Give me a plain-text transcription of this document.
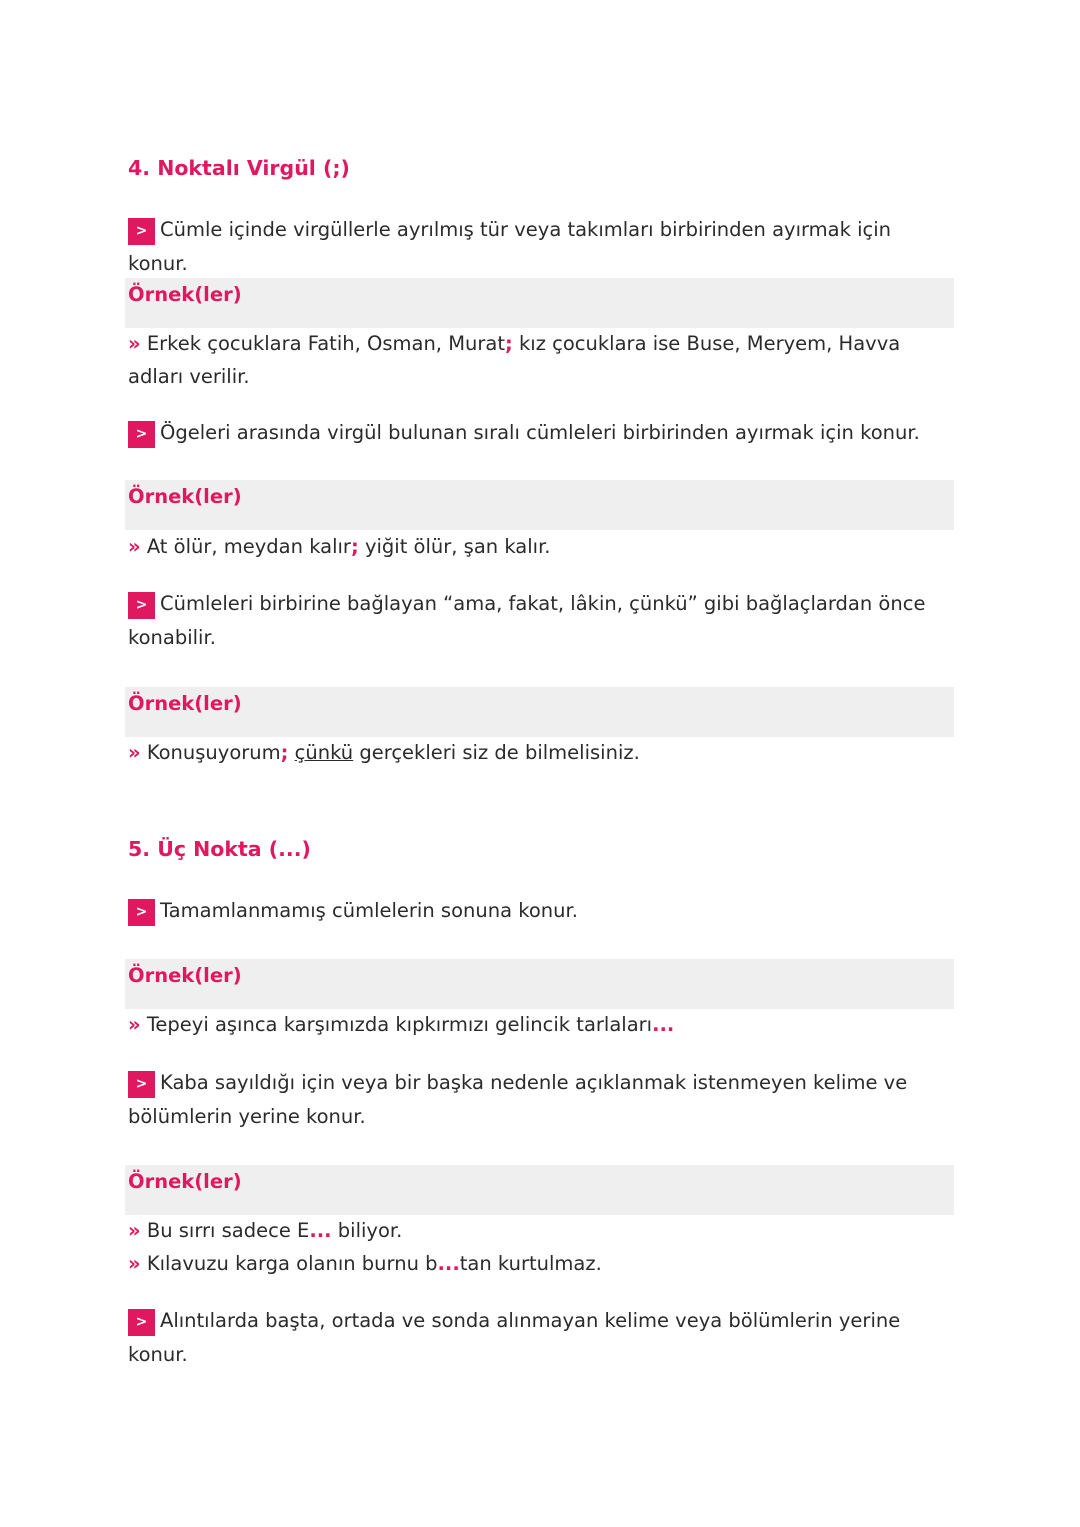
4. Noktalı Virgül (;)
> Cümle içinde virgüllerle ayrılmış tür veya takımları birbirinden ayırmak için konur.
Örnek(ler)
» Erkek çocuklara Fatih, Osman, Murat; kız çocuklara ise Buse, Meryem, Havva adları verilir.
> Ögeleri arasında virgül bulunan sıralı cümleleri birbirinden ayırmak için konur.
Örnek(ler)
» At ölür, meydan kalır; yiğit ölür, şan kalır.
> Cümleleri birbirine bağlayan “ama, fakat, lâkin, çünkü” gibi bağlaçlardan önce konabilir.
Örnek(ler)
» Konuşuyorum; çünkü gerçekleri siz de bilmelisiniz.
5. Üç Nokta (...)
> Tamamlanmamış cümlelerin sonuna konur.
Örnek(ler)
» Tepeyi aşınca karşımızda kıpkırmızı gelincik tarlaları...
> Kaba sayıldığı için veya bir başka nedenle açıklanmak istenmeyen kelime ve bölümlerin yerine konur.
Örnek(ler)
» Bu sırrı sadece E... biliyor.
» Kılavuzu karga olanın burnu b...tan kurtulmaz.
> Alıntılarda başta, ortada ve sonda alınmayan kelime veya bölümlerin yerine konur.
